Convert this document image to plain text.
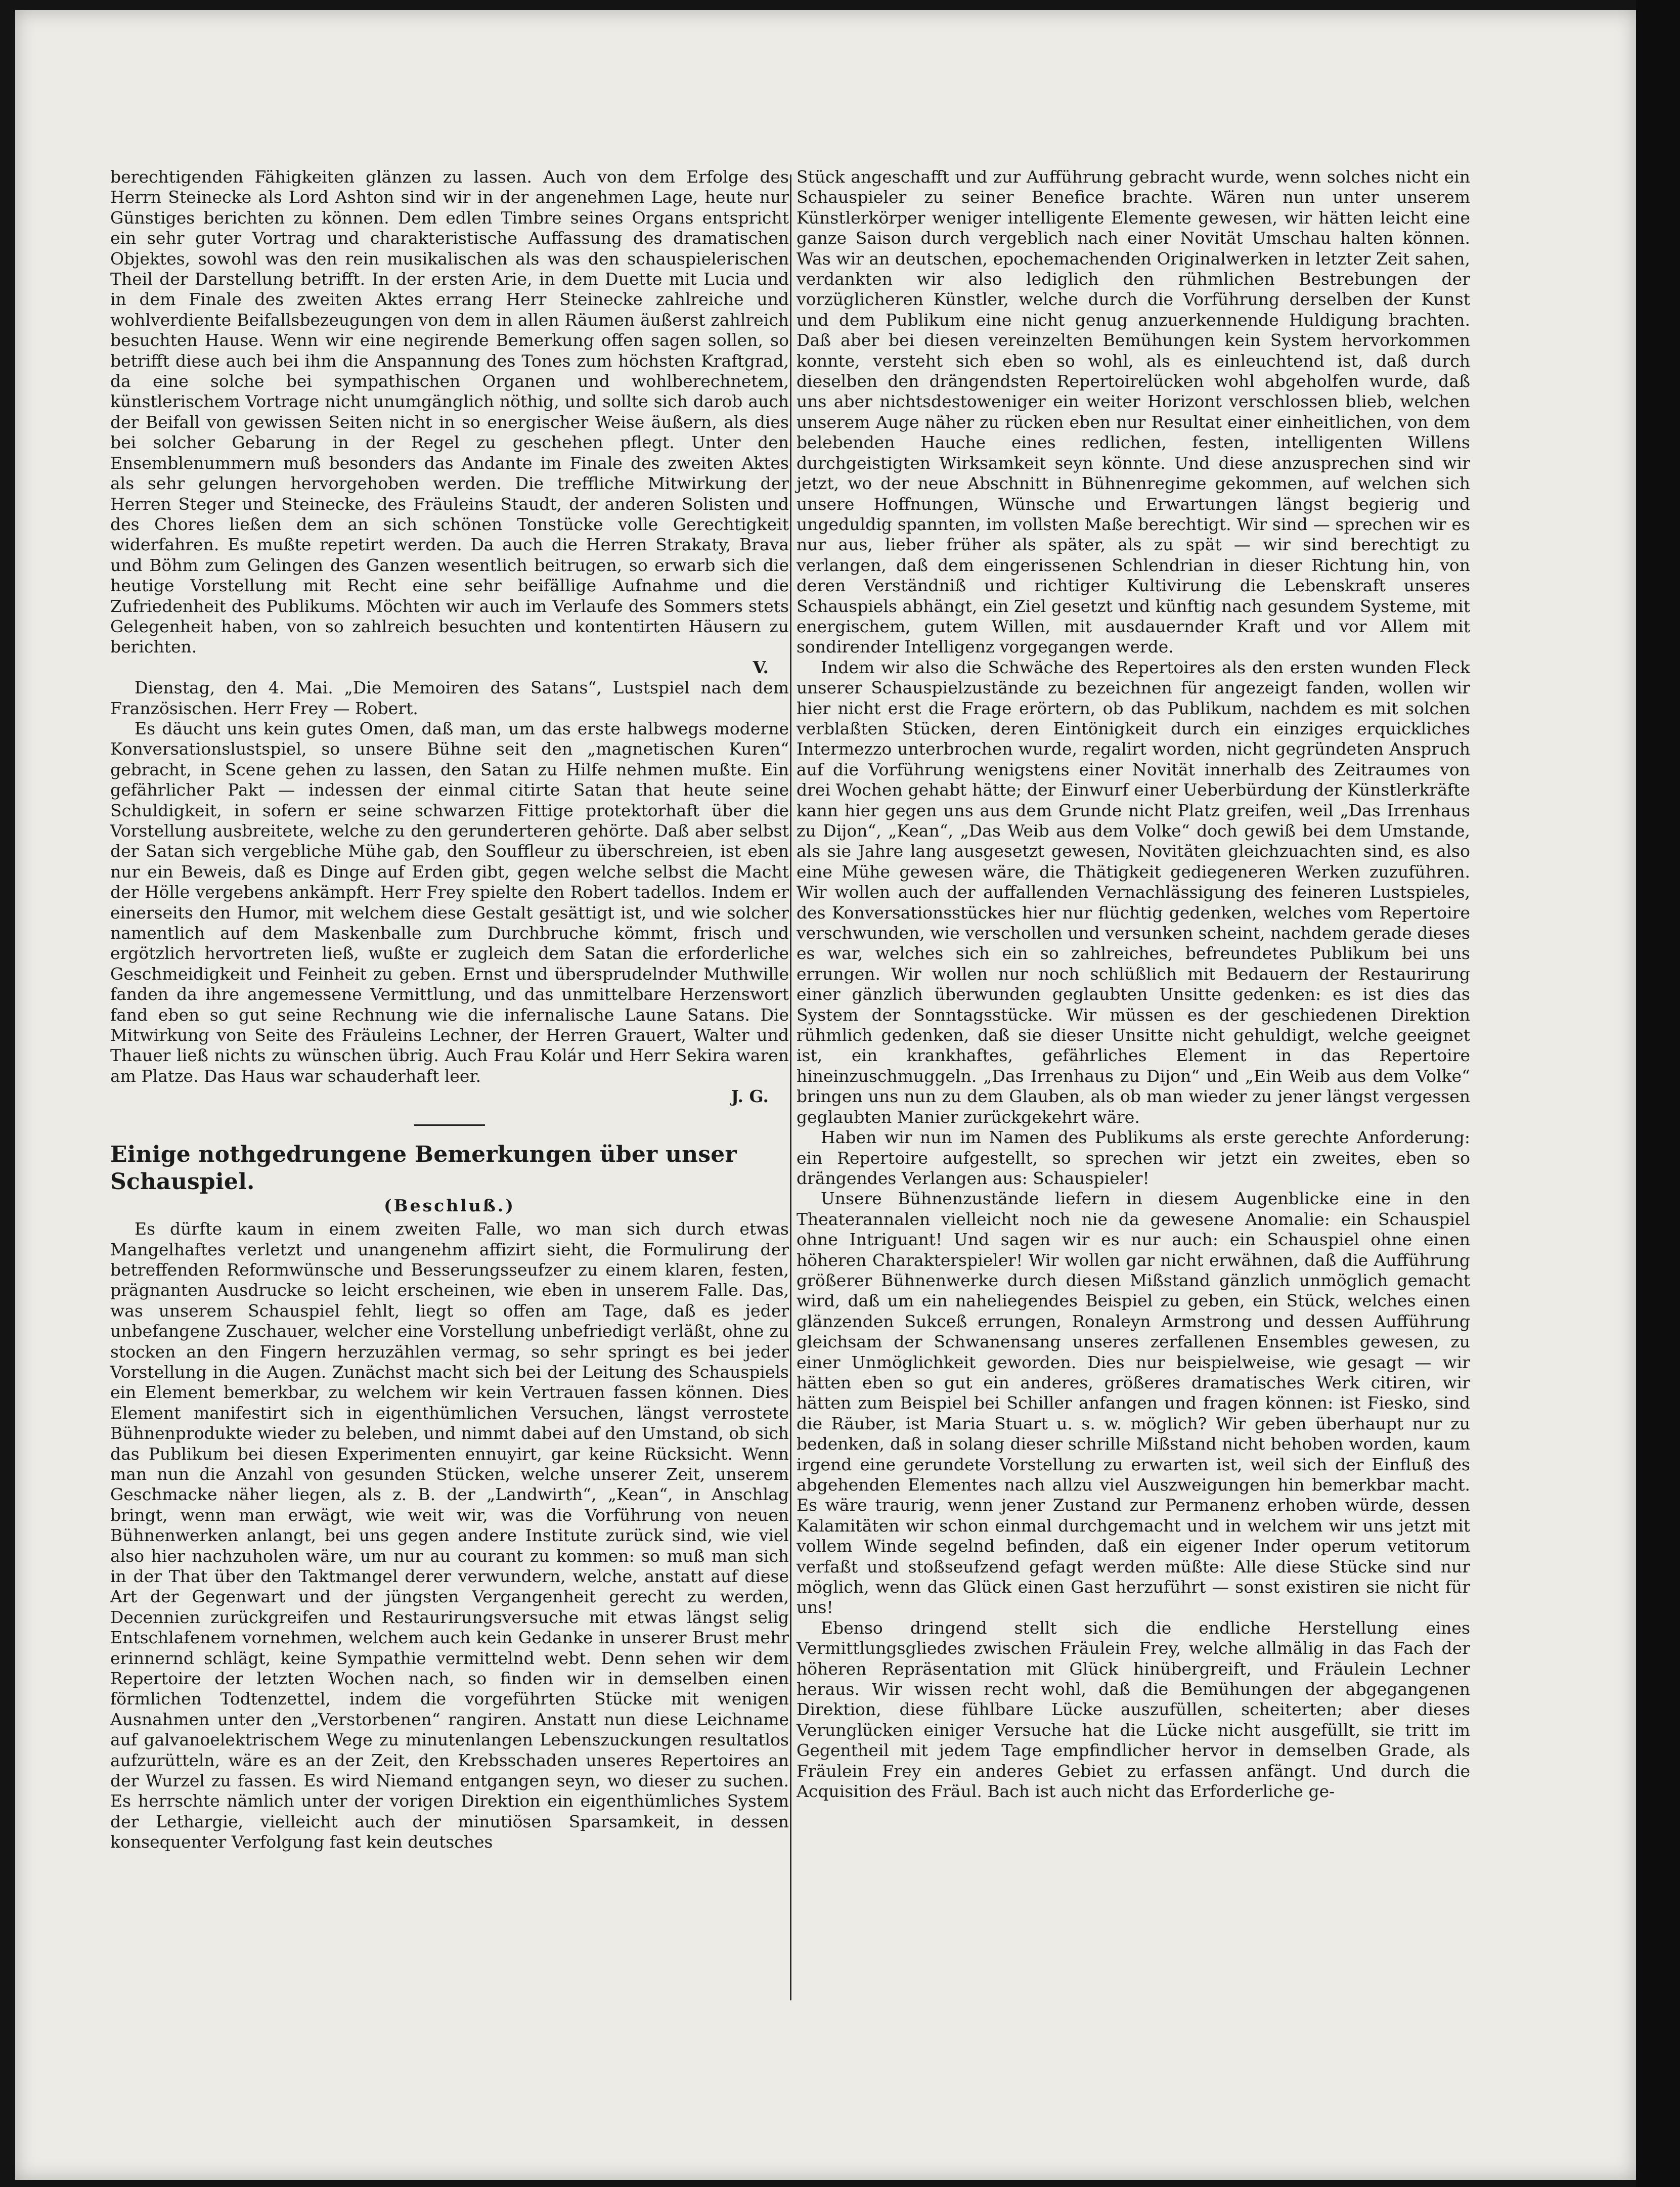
berechtigenden Fähigkeiten glänzen zu lassen. Auch von dem Erfolge des Herrn Steinecke als Lord Ashton sind wir in der angenehmen Lage, heute nur Günstiges berichten zu können. Dem edlen Timbre seines Organs entspricht ein sehr guter Vortrag und charakteristische Auffassung des dramatischen Objektes, sowohl was den rein musikalischen als was den schauspielerischen Theil der Darstellung betrifft. In der ersten Arie, in dem Duette mit Lucia und in dem Finale des zweiten Aktes errang Herr Steinecke zahlreiche und wohlverdiente Beifallsbezeugungen von dem in allen Räumen äußerst zahlreich besuchten Hause. Wenn wir eine negirende Bemerkung offen sagen sollen, so betrifft diese auch bei ihm die Anspannung des Tones zum höchsten Kraftgrad, da eine solche bei sympathischen Organen und wohlberechnetem, künstlerischem Vortrage nicht unumgänglich nöthig, und sollte sich darob auch der Beifall von gewissen Seiten nicht in so energischer Weise äußern, als dies bei solcher Gebarung in der Regel zu geschehen pflegt. Unter den Ensemblenummern muß besonders das Andante im Finale des zweiten Aktes als sehr gelungen hervorgehoben werden. Die treffliche Mitwirkung der Herren Steger und Steinecke, des Fräuleins Staudt, der anderen Solisten und des Chores ließen dem an sich schönen Tonstücke volle Gerechtigkeit widerfahren. Es mußte repetirt werden. Da auch die Herren Strakaty, Brava und Böhm zum Gelingen des Ganzen wesentlich beitrugen, so erwarb sich die heutige Vorstellung mit Recht eine sehr beifällige Aufnahme und die Zufriedenheit des Publikums. Möchten wir auch im Verlaufe des Sommers stets Gelegenheit haben, von so zahlreich besuchten und kontentirten Häusern zu berichten.

V.

Dienstag, den 4. Mai. „Die Memoiren des Satans“, Lustspiel nach dem Französischen. Herr Frey — Robert.

Es däucht uns kein gutes Omen, daß man, um das erste halbwegs moderne Konversationslustspiel, so unsere Bühne seit den „magnetischen Kuren“ gebracht, in Scene gehen zu lassen, den Satan zu Hilfe nehmen mußte. Ein gefährlicher Pakt — indessen der einmal citirte Satan that heute seine Schuldigkeit, in sofern er seine schwarzen Fittige protektorhaft über die Vorstellung ausbreitete, welche zu den gerunderteren gehörte. Daß aber selbst der Satan sich vergebliche Mühe gab, den Souffleur zu überschreien, ist eben nur ein Beweis, daß es Dinge auf Erden gibt, gegen welche selbst die Macht der Hölle vergebens ankämpft. Herr Frey spielte den Robert tadellos. Indem er einerseits den Humor, mit welchem diese Gestalt gesättigt ist, und wie solcher namentlich auf dem Maskenballe zum Durchbruche kömmt, frisch und ergötzlich hervortreten ließ, wußte er zugleich dem Satan die erforderliche Geschmeidigkeit und Feinheit zu geben. Ernst und übersprudelnder Muthwille fanden da ihre angemessene Vermittlung, und das unmittelbare Herzenswort fand eben so gut seine Rechnung wie die infernalische Laune Satans. Die Mitwirkung von Seite des Fräuleins Lechner, der Herren Grauert, Walter und Thauer ließ nichts zu wünschen übrig. Auch Frau Kolár und Herr Sekira waren am Platze. Das Haus war schauderhaft leer.

J. G.

Einige nothgedrungene Bemerkungen über unser Schauspiel.

(Beschluß.)

Es dürfte kaum in einem zweiten Falle, wo man sich durch etwas Mangelhaftes verletzt und unangenehm affizirt sieht, die Formulirung der betreffenden Reformwünsche und Besserungsseufzer zu einem klaren, festen, prägnanten Ausdrucke so leicht erscheinen, wie eben in unserem Falle. Das, was unserem Schauspiel fehlt, liegt so offen am Tage, daß es jeder unbefangene Zuschauer, welcher eine Vorstellung unbefriedigt verläßt, ohne zu stocken an den Fingern herzuzählen vermag, so sehr springt es bei jeder Vorstellung in die Augen. Zunächst macht sich bei der Leitung des Schauspiels ein Element bemerkbar, zu welchem wir kein Vertrauen fassen können. Dies Element manifestirt sich in eigenthümlichen Versuchen, längst verrostete Bühnenprodukte wieder zu beleben, und nimmt dabei auf den Umstand, ob sich das Publikum bei diesen Experimenten ennuyirt, gar keine Rücksicht. Wenn man nun die Anzahl von gesunden Stücken, welche unserer Zeit, unserem Geschmacke näher liegen, als z. B. der „Landwirth“, „Kean“, in Anschlag bringt, wenn man erwägt, wie weit wir, was die Vorführung von neuen Bühnenwerken anlangt, bei uns gegen andere Institute zurück sind, wie viel also hier nachzuholen wäre, um nur au courant zu kommen: so muß man sich in der That über den Taktmangel derer verwundern, welche, anstatt auf diese Art der Gegenwart und der jüngsten Vergangenheit gerecht zu werden, Decennien zurückgreifen und Restaurirungsversuche mit etwas längst selig Entschlafenem vornehmen, welchem auch kein Gedanke in unserer Brust mehr erinnernd schlägt, keine Sympathie vermittelnd webt. Denn sehen wir dem Repertoire der letzten Wochen nach, so finden wir in demselben einen förmlichen Todtenzettel, indem die vorgeführten Stücke mit wenigen Ausnahmen unter den „Verstorbenen“ rangiren. Anstatt nun diese Leichname auf galvanoelektrischem Wege zu minutenlangen Lebenszuckungen resultatlos aufzurütteln, wäre es an der Zeit, den Krebsschaden unseres Repertoires an der Wurzel zu fassen. Es wird Niemand entgangen seyn, wo dieser zu suchen. Es herrschte nämlich unter der vorigen Direktion ein eigenthümliches System der Lethargie, vielleicht auch der minutiösen Sparsamkeit, in dessen konsequenter Verfolgung fast kein deutsches

Stück angeschafft und zur Aufführung gebracht wurde, wenn solches nicht ein Schauspieler zu seiner Benefice brachte. Wären nun unter unserem Künstlerkörper weniger intelligente Elemente gewesen, wir hätten leicht eine ganze Saison durch vergeblich nach einer Novität Umschau halten können. Was wir an deutschen, epochemachenden Originalwerken in letzter Zeit sahen, verdankten wir also lediglich den rühmlichen Bestrebungen der vorzüglicheren Künstler, welche durch die Vorführung derselben der Kunst und dem Publikum eine nicht genug anzuerkennende Huldigung brachten. Daß aber bei diesen vereinzelten Bemühungen kein System hervorkommen konnte, versteht sich eben so wohl, als es einleuchtend ist, daß durch dieselben den drängendsten Repertoirelücken wohl abgeholfen wurde, daß uns aber nichtsdestoweniger ein weiter Horizont verschlossen blieb, welchen unserem Auge näher zu rücken eben nur Resultat einer einheitlichen, von dem belebenden Hauche eines redlichen, festen, intelligenten Willens durchgeistigten Wirksamkeit seyn könnte. Und diese anzusprechen sind wir jetzt, wo der neue Abschnitt in Bühnenregime gekommen, auf welchen sich unsere Hoffnungen, Wünsche und Erwartungen längst begierig und ungeduldig spannten, im vollsten Maße berechtigt. Wir sind — sprechen wir es nur aus, lieber früher als später, als zu spät — wir sind berechtigt zu verlangen, daß dem eingerissenen Schlendrian in dieser Richtung hin, von deren Verständniß und richtiger Kultivirung die Lebenskraft unseres Schauspiels abhängt, ein Ziel gesetzt und künftig nach gesundem Systeme, mit energischem, gutem Willen, mit ausdauernder Kraft und vor Allem mit sondirender Intelligenz vorgegangen werde.

Indem wir also die Schwäche des Repertoires als den ersten wunden Fleck unserer Schauspielzustände zu bezeichnen für angezeigt fanden, wollen wir hier nicht erst die Frage erörtern, ob das Publikum, nachdem es mit solchen verblaßten Stücken, deren Eintönigkeit durch ein einziges erquickliches Intermezzo unterbrochen wurde, regalirt worden, nicht gegründeten Anspruch auf die Vorführung wenigstens einer Novität innerhalb des Zeitraumes von drei Wochen gehabt hätte; der Einwurf einer Ueberbürdung der Künstlerkräfte kann hier gegen uns aus dem Grunde nicht Platz greifen, weil „Das Irrenhaus zu Dijon“, „Kean“, „Das Weib aus dem Volke“ doch gewiß bei dem Umstande, als sie Jahre lang ausgesetzt gewesen, Novitäten gleichzuachten sind, es also eine Mühe gewesen wäre, die Thätigkeit gediegeneren Werken zuzuführen. Wir wollen auch der auffallenden Vernachlässigung des feineren Lustspieles, des Konversationsstückes hier nur flüchtig gedenken, welches vom Repertoire verschwunden, wie verschollen und versunken scheint, nachdem gerade dieses es war, welches sich ein so zahlreiches, befreundetes Publikum bei uns errungen. Wir wollen nur noch schlüßlich mit Bedauern der Restaurirung einer gänzlich überwunden geglaubten Unsitte gedenken: es ist dies das System der Sonntagsstücke. Wir müssen es der geschiedenen Direktion rühmlich gedenken, daß sie dieser Unsitte nicht gehuldigt, welche geeignet ist, ein krankhaftes, gefährliches Element in das Repertoire hineinzuschmuggeln. „Das Irrenhaus zu Dijon“ und „Ein Weib aus dem Volke“ bringen uns nun zu dem Glauben, als ob man wieder zu jener längst vergessen geglaubten Manier zurückgekehrt wäre.

Haben wir nun im Namen des Publikums als erste gerechte Anforderung: ein Repertoire aufgestellt, so sprechen wir jetzt ein zweites, eben so drängendes Verlangen aus: Schauspieler!

Unsere Bühnenzustände liefern in diesem Augenblicke eine in den Theaterannalen vielleicht noch nie da gewesene Anomalie: ein Schauspiel ohne Intriguant! Und sagen wir es nur auch: ein Schauspiel ohne einen höheren Charakterspieler! Wir wollen gar nicht erwähnen, daß die Aufführung größerer Bühnenwerke durch diesen Mißstand gänzlich unmöglich gemacht wird, daß um ein naheliegendes Beispiel zu geben, ein Stück, welches einen glänzenden Sukceß errungen, Ronaleyn Armstrong und dessen Aufführung gleichsam der Schwanensang unseres zerfallenen Ensembles gewesen, zu einer Unmöglichkeit geworden. Dies nur beispielweise, wie gesagt — wir hätten eben so gut ein anderes, größeres dramatisches Werk citiren, wir hätten zum Beispiel bei Schiller anfangen und fragen können: ist Fiesko, sind die Räuber, ist Maria Stuart u. s. w. möglich? Wir geben überhaupt nur zu bedenken, daß in solang dieser schrille Mißstand nicht behoben worden, kaum irgend eine gerundete Vorstellung zu erwarten ist, weil sich der Einfluß des abgehenden Elementes nach allzu viel Auszweigungen hin bemerkbar macht. Es wäre traurig, wenn jener Zustand zur Permanenz erhoben würde, dessen Kalamitäten wir schon einmal durchgemacht und in welchem wir uns jetzt mit vollem Winde segelnd befinden, daß ein eigener Inder operum vetitorum verfaßt und stoßseufzend gefagt werden müßte: Alle diese Stücke sind nur möglich, wenn das Glück einen Gast herzuführt — sonst existiren sie nicht für uns!

Ebenso dringend stellt sich die endliche Herstellung eines Vermittlungsgliedes zwischen Fräulein Frey, welche allmälig in das Fach der höheren Repräsentation mit Glück hinübergreift, und Fräulein Lechner heraus. Wir wissen recht wohl, daß die Bemühungen der abgegangenen Direktion, diese fühlbare Lücke auszufüllen, scheiterten; aber dieses Verunglücken einiger Versuche hat die Lücke nicht ausgefüllt, sie tritt im Gegentheil mit jedem Tage empfindlicher hervor in demselben Grade, als Fräulein Frey ein anderes Gebiet zu erfassen anfängt. Und durch die Acquisition des Fräul. Bach ist auch nicht das Erforderliche ge-
